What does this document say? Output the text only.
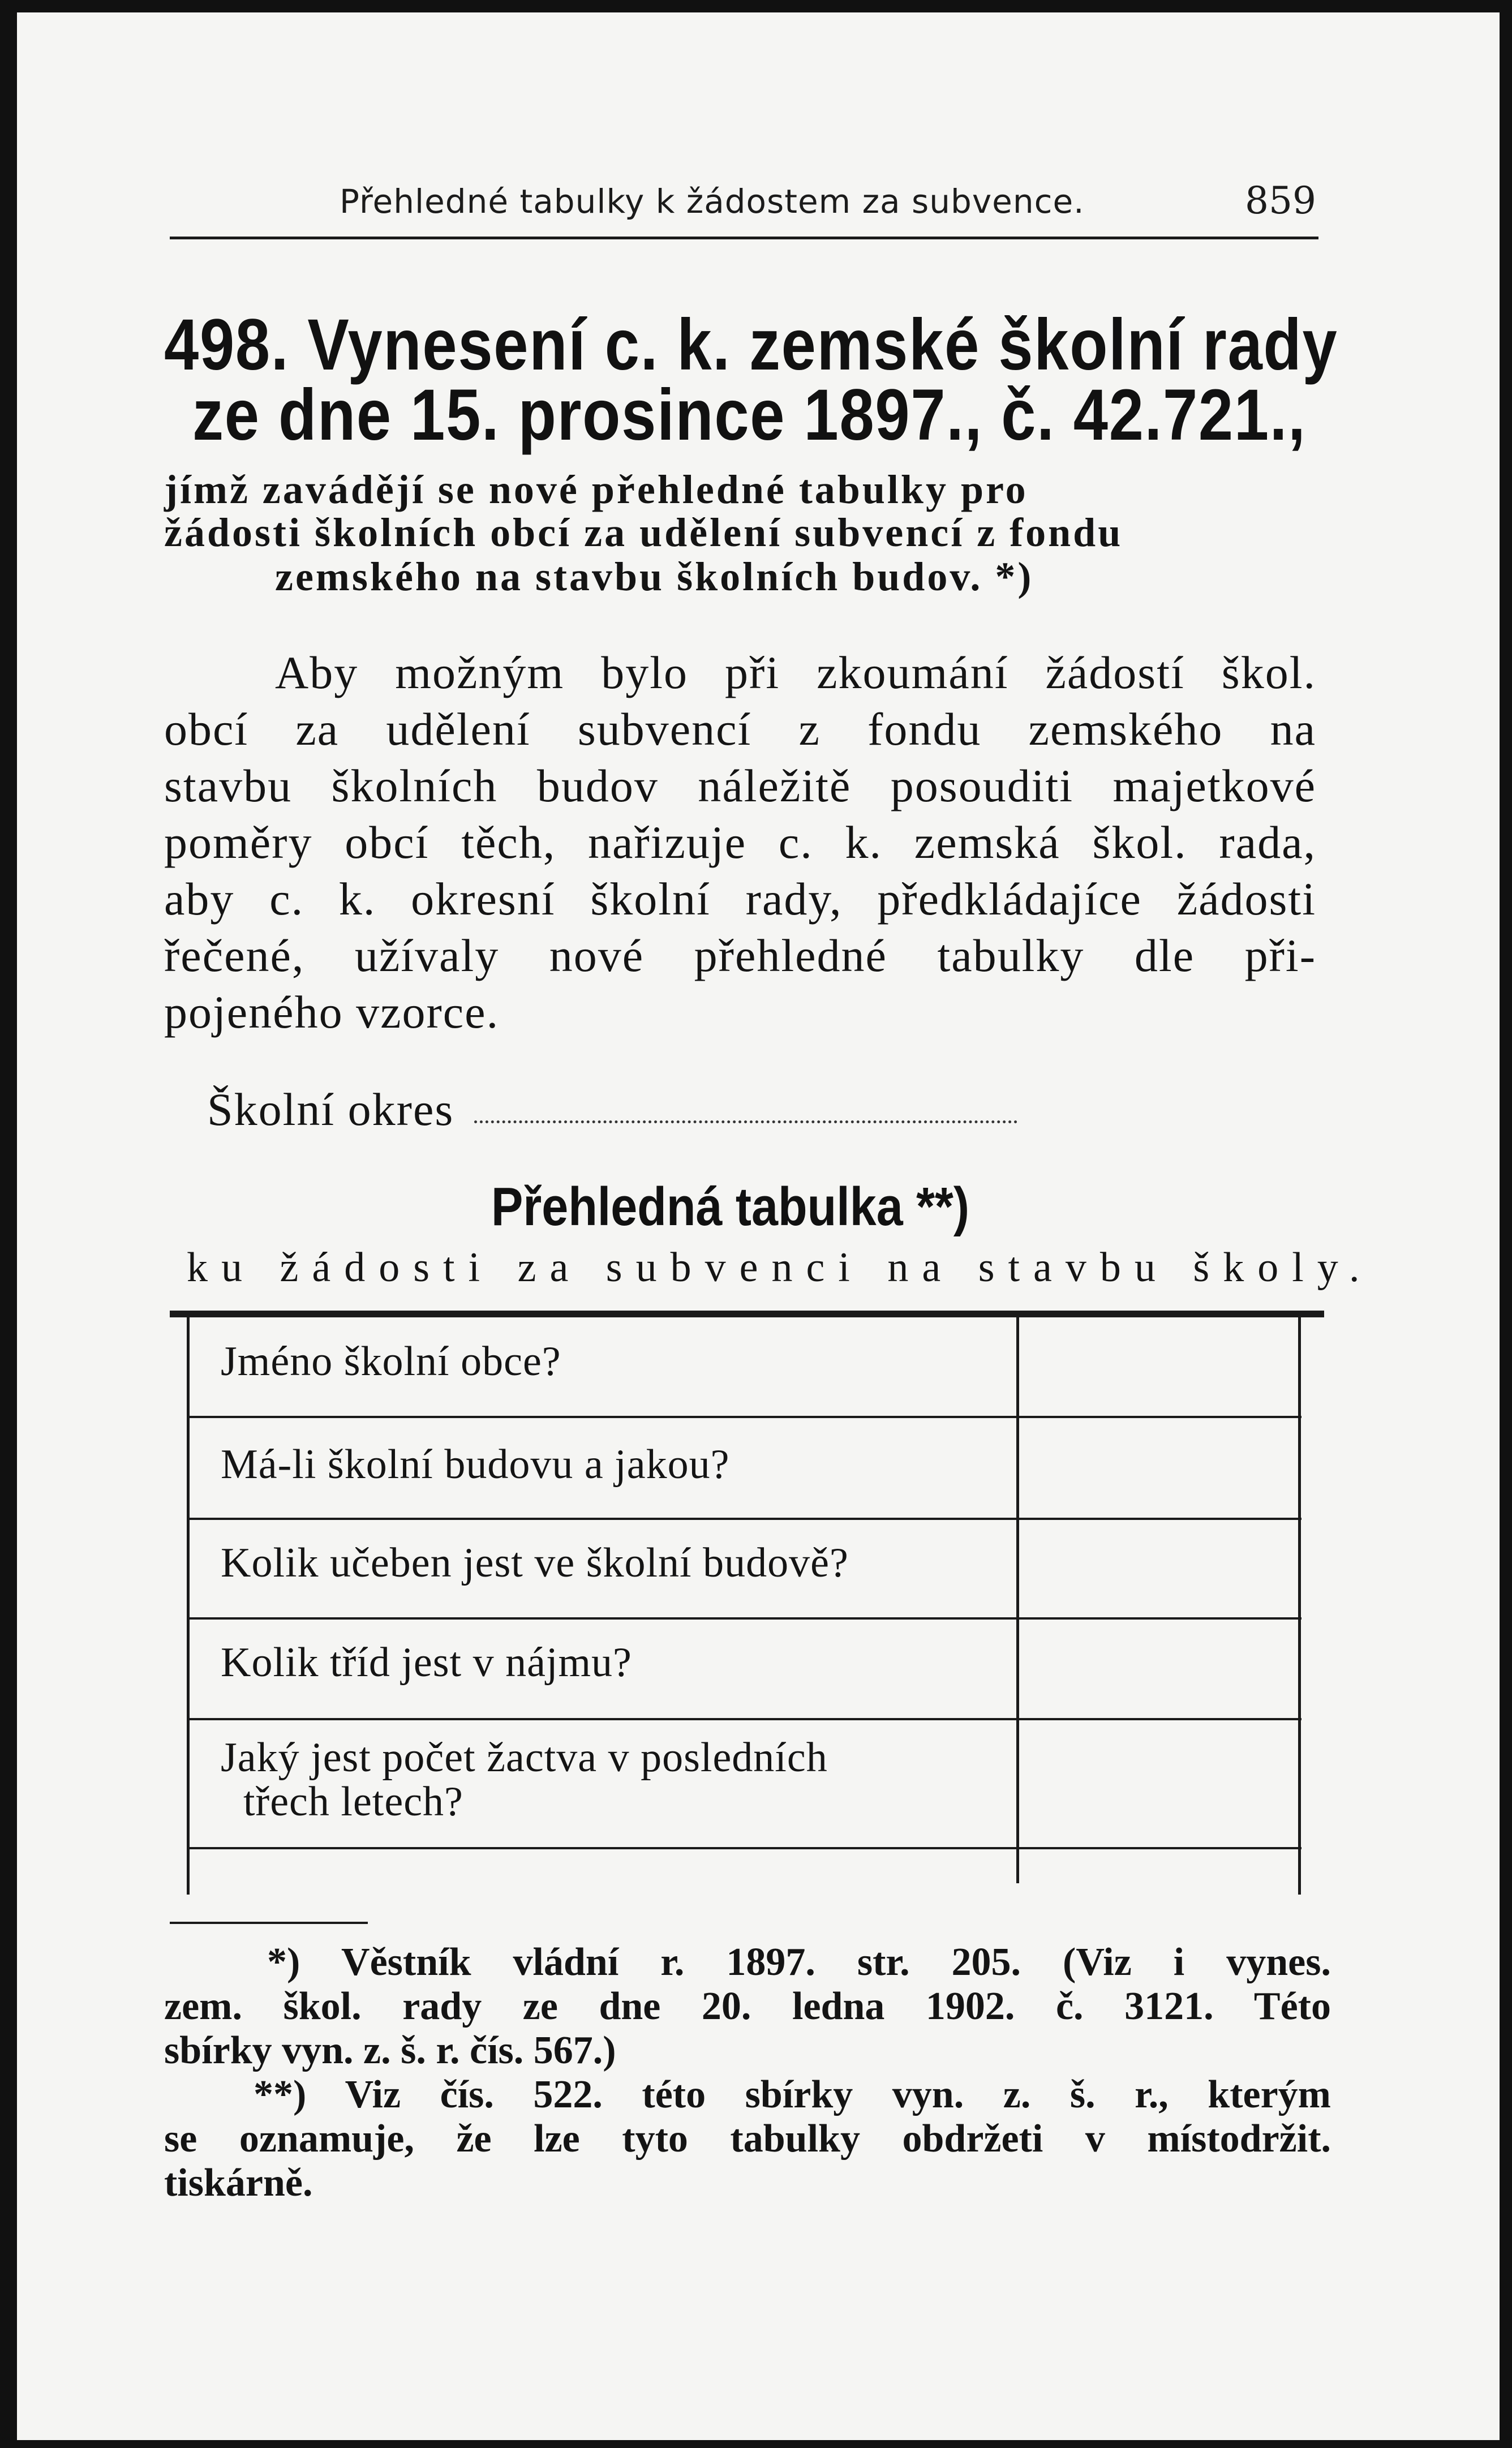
Přehledné tabulky k žádostem za subvence.	859
498. Vynesení c. k. zemské školní rady
ze dne 15. prosince 1897., č. 42.721.,
jímž zavádějí se nové přehledné tabulky pro
žádosti školních obcí za udělení subvencí z fondu
zemského na stavbu školních budov. *)
Aby možným bylo při zkoumání žádostí škol.
obcí za udělení subvencí z fondu zemského na
stavbu školních budov náležitě posouditi majetkové
poměry obcí těch, nařizuje c. k. zemská škol. rada,
aby c. k. okresní školní rady, předkládajíce žádosti
řečené, užívaly nové přehledné tabulky dle při-
pojeného vzorce.
Školní okres
Přehledná tabulka **)
ku žádosti za subvenci na stavbu školy.
Jméno školní obce?
Má-li školní budovu a jakou?
Kolik učeben jest ve školní budově?
Kolik tříd jest v nájmu?
Jaký jest počet žactva v posledních
třech letech?
*) Věstník vládní r. 1897. str. 205. (Viz i vynes.
zem. škol. rady ze dne 20. ledna 1902. č. 3121. Této
sbírky vyn. z. š. r. čís. 567.)
**) Viz čís. 522. této sbírky vyn. z. š. r., kterým
se oznamuje, že lze tyto tabulky obdržeti v místodržit.
tiskárně.
